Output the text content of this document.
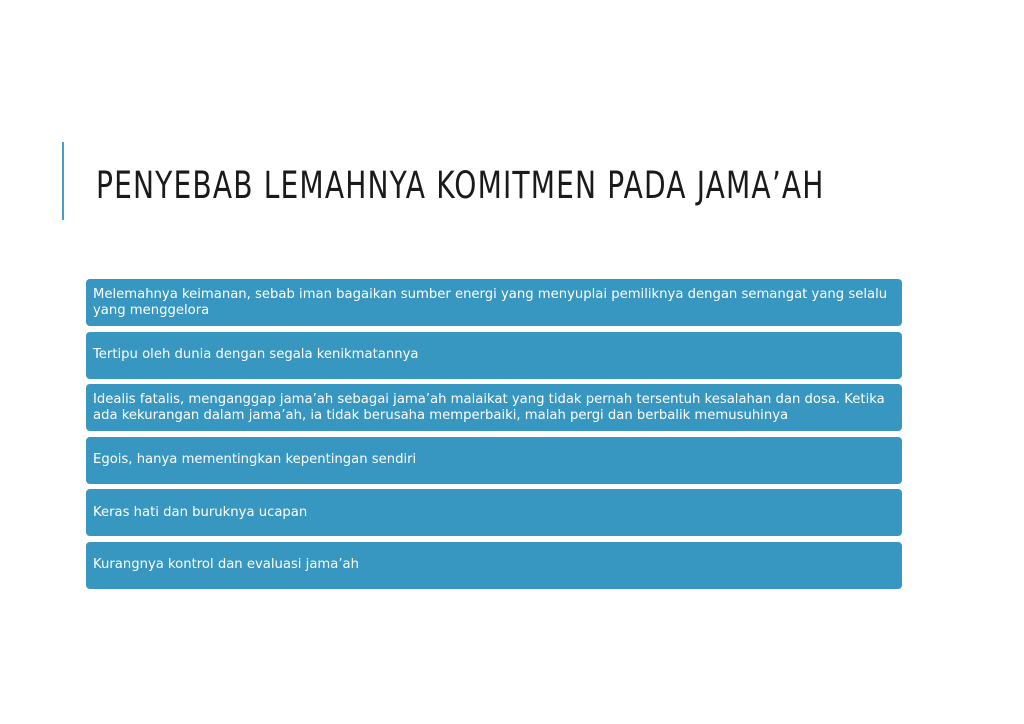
PENYEBAB LEMAHNYA KOMITMEN PADA JAMA’AH
Melemahnya keimanan, sebab iman bagaikan sumber energi yang menyuplai pemiliknya dengan semangat yang selalu yang menggelora
Tertipu oleh dunia dengan segala kenikmatannya
Idealis fatalis, menganggap jama’ah sebagai jama’ah malaikat yang tidak pernah tersentuh kesalahan dan dosa. Ketika ada kekurangan dalam jama’ah, ia tidak berusaha memperbaiki, malah pergi dan berbalik memusuhinya
Egois, hanya mementingkan kepentingan sendiri
Keras hati dan buruknya ucapan
Kurangnya kontrol dan evaluasi jama’ah
